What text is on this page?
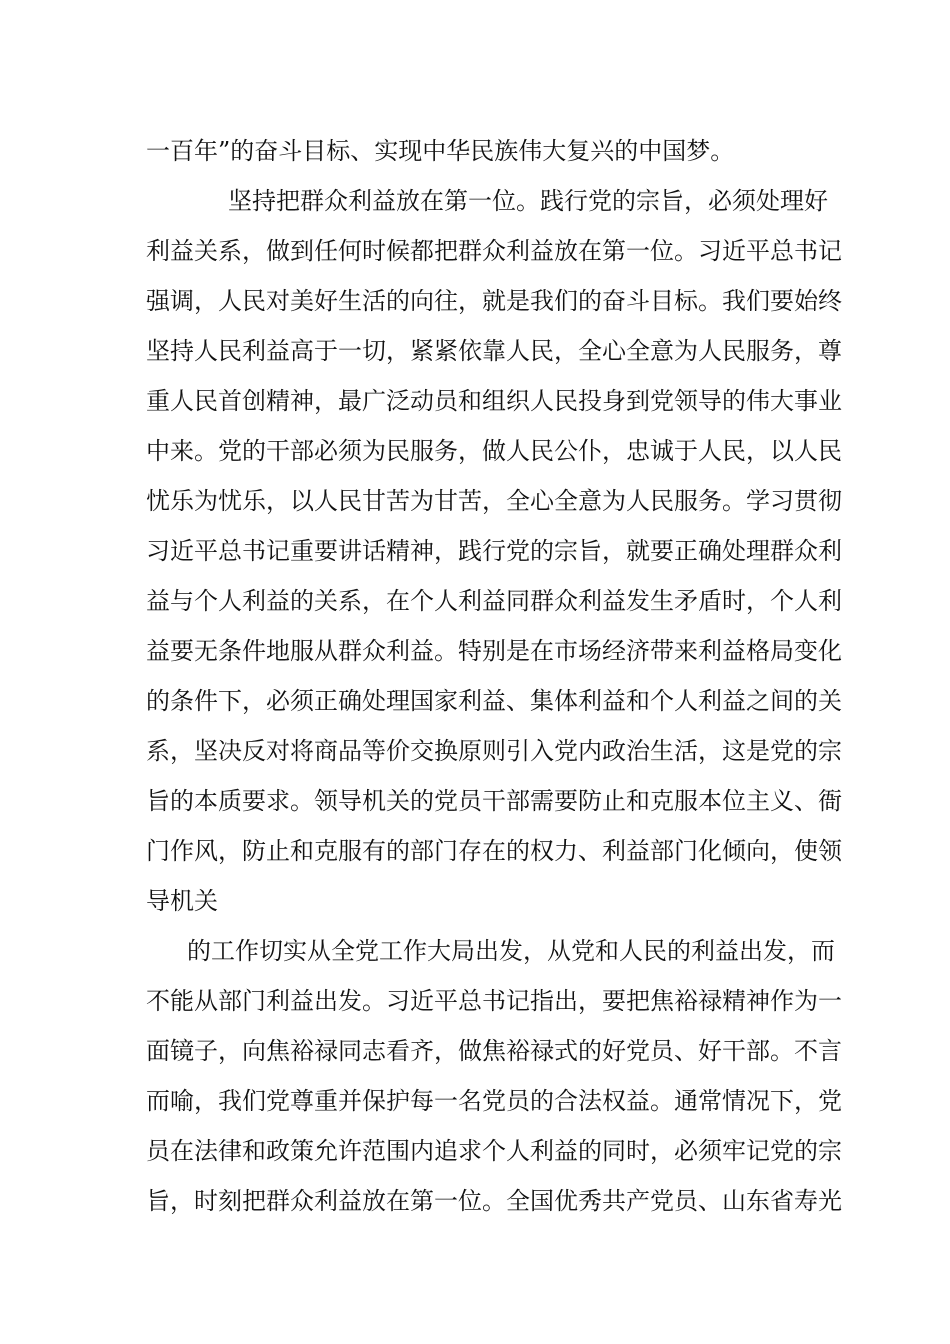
一百年”的奋斗目标、实现中华民族伟大复兴的中国梦。
坚持把群众利益放在第一位。践行党的宗旨，必须处理好
利益关系，做到任何时候都把群众利益放在第一位。习近平总书记
强调，人民对美好生活的向往，就是我们的奋斗目标。我们要始终
坚持人民利益高于一切，紧紧依靠人民，全心全意为人民服务，尊
重人民首创精神，最广泛动员和组织人民投身到党领导的伟大事业
中来。党的干部必须为民服务，做人民公仆，忠诚于人民，以人民
忧乐为忧乐，以人民甘苦为甘苦，全心全意为人民服务。学习贯彻
习近平总书记重要讲话精神，践行党的宗旨，就要正确处理群众利
益与个人利益的关系，在个人利益同群众利益发生矛盾时，个人利
益要无条件地服从群众利益。特别是在市场经济带来利益格局变化
的条件下，必须正确处理国家利益、集体利益和个人利益之间的关
系，坚决反对将商品等价交换原则引入党内政治生活，这是党的宗
旨的本质要求。领导机关的党员干部需要防止和克服本位主义、衙
门作风，防止和克服有的部门存在的权力、利益部门化倾向，使领
导机关
的工作切实从全党工作大局出发，从党和人民的利益出发，而
不能从部门利益出发。习近平总书记指出，要把焦裕禄精神作为一
面镜子，向焦裕禄同志看齐，做焦裕禄式的好党员、好干部。不言
而喻，我们党尊重并保护每一名党员的合法权益。通常情况下，党
员在法律和政策允许范围内追求个人利益的同时，必须牢记党的宗
旨，时刻把群众利益放在第一位。全国优秀共产党员、山东省寿光
